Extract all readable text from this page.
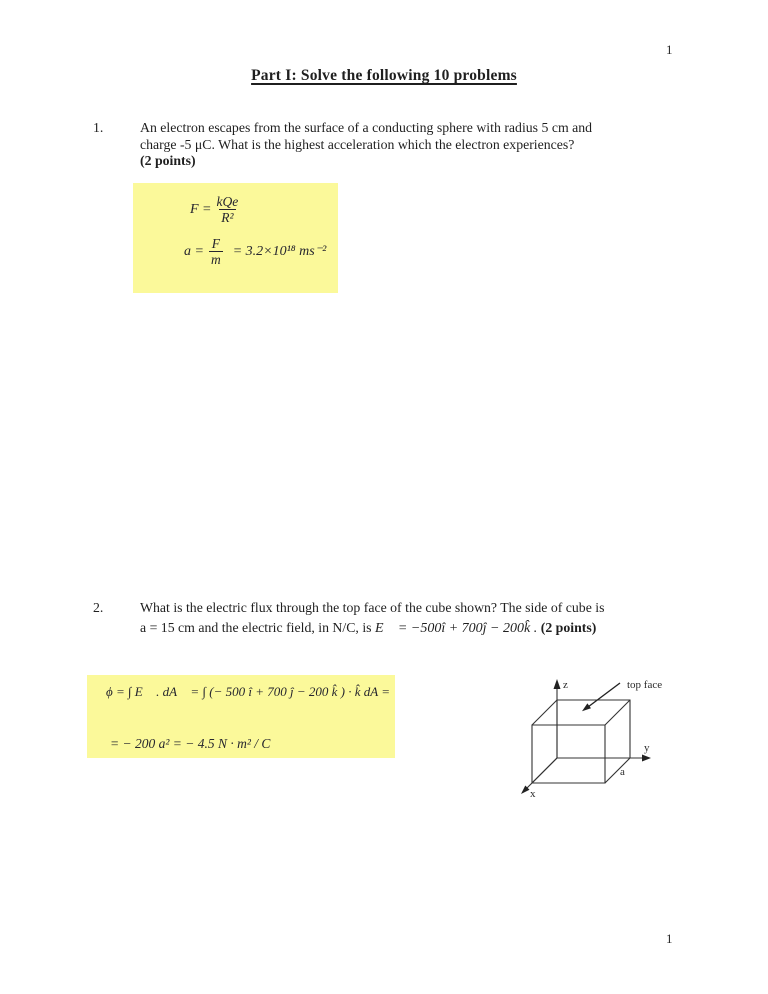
1
Part I: Solve the following 10 problems
1.	An electron escapes from the surface of a conducting sphere with radius 5 cm and
charge -5 μC. What is the highest acceleration which the electron experiences?
(2 points)
$F = \frac{\text{kQe}}{\text{R²}}$
$a = \frac{F}{m} = 3.2\times 10^{18}$ ms⁻²
2.	What is the electric flux through the top face of the cube shown? The side of cube is
a = 15 cm and the electric field, in N/C, is E⃗ = −500î + 700ĵ − 200k̂ . (2 points)
ϕ = ∫ E⃗ . dA⃗ = ∫ (− 500 î + 700 ĵ − 200 k̂ ) · k̂ dA =
= − 200 a² = − 4.5 N · m² / C
z
x
y
a
top face
1
